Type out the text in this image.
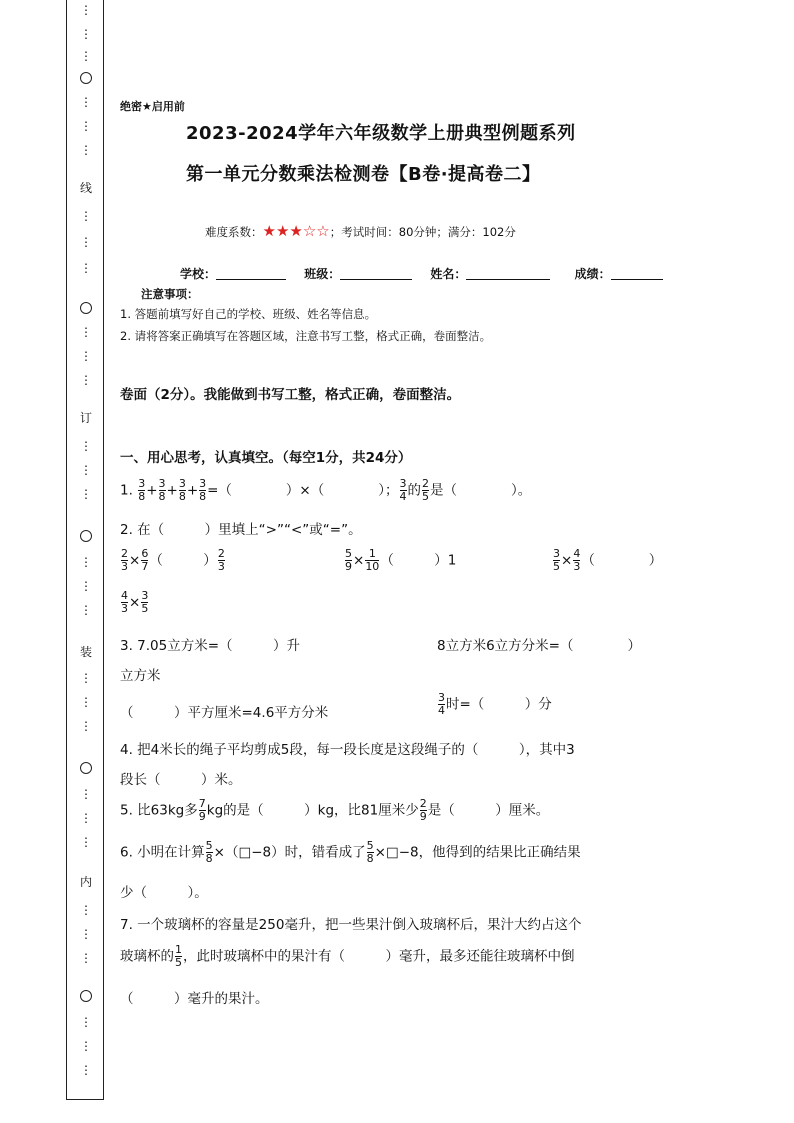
⋮
⋮
⋮
⋮
⋮
⋮
线
⋮
⋮
⋮
⋮
⋮
⋮
订
⋮
⋮
⋮
⋮
⋮
⋮
装
⋮
⋮
⋮
⋮
⋮
⋮
内
⋮
⋮
⋮
⋮
⋮
⋮
绝密★启用前
2023-2024学年六年级数学上册典型例题系列
第一单元分数乘法检测卷【B卷·提高卷二】
难度系数：★★★☆☆；考试时间：80分钟；满分：102分
学校：	班级：	姓名：	成绩：
注意事项：
1. 答题前填写好自己的学校、班级、姓名等信息。
2. 请将答案正确填写在答题区域，注意书写工整，格式正确，卷面整洁。
卷面（2分）。我能做到书写工整，格式正确，卷面整洁。
一、用心思考，认真填空。（每空1分，共24分）
1. $\frac{3}{8} + \frac{3}{8} + \frac{3}{8} + \frac{3}{8}$ =（　　　　）×（　　　　）； $\frac{3}{4}$ 的 $\frac{2}{5}$ 是（　　　　）。
2. 在（　　　）里填上“>”“<”或“=”。
$\frac{2}{3} \times \frac{6}{7}$ （　　　） $\frac{2}{3}$	$\frac{5}{9} \times \frac{1}{10}$ （　　　）1	$\frac{3}{5} \times \frac{4}{3}$ （　　　　）
$\frac{4}{3} \times \frac{3}{5}$
3. 7.05立方米=（　　　）升	8立方米6立方分米=（　　　　）
立方米
（　　　）平方厘米=4.6平方分米	$\frac{3}{4}$ 时=（　　　）分
4. 把4米长的绳子平均剪成5段，每一段长度是这段绳子的（　　　），其中3
段长（　　　）米。
5. 比63kg多 $\frac{7}{9}$ kg的是（　　　）kg，比81厘米少 $\frac{2}{9}$ 是（　　　）厘米。
6. 小明在计算 $\frac{5}{8}$ ×（□−8）时，错看成了 $\frac{5}{8}$ ×□−8，他得到的结果比正确结果
少（　　　）。
7. 一个玻璃杯的容量是250毫升，把一些果汁倒入玻璃杯后，果汁大约占这个
玻璃杯的 $\frac{1}{5}$ ，此时玻璃杯中的果汁有（　　　）毫升，最多还能往玻璃杯中倒
（　　　）毫升的果汁。
